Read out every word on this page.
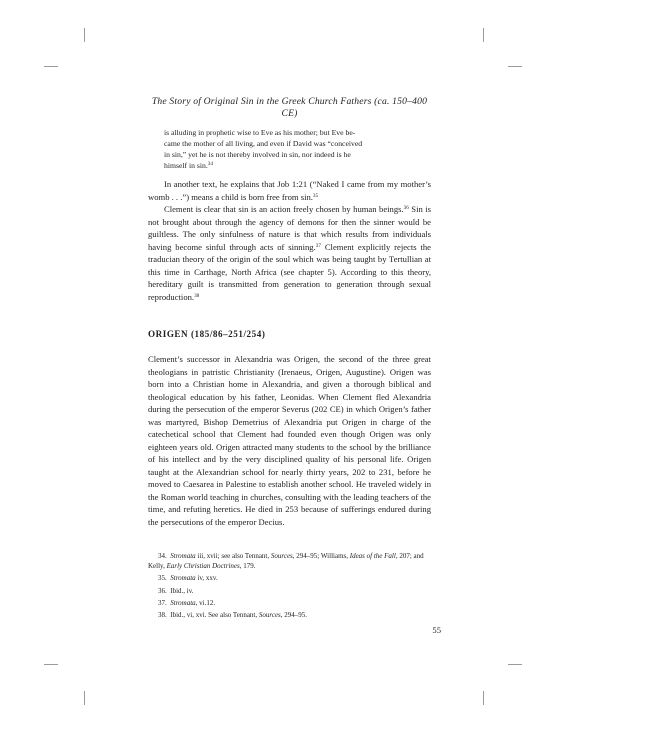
The Story of Original Sin in the Greek Church Fathers (ca. 150–400 CE)
is alluding in prophetic wise to Eve as his mother; but Eve be-
came the mother of all living, and even if David was “conceived
in sin,” yet he is not thereby involved in sin, nor indeed is he
himself in sin.$^{34}$

In another text, he explains that Job 1:21 (“Naked I came from my mother’s womb . . .”) means a child is born free from sin.$^{35}$

Clement is clear that sin is an action freely chosen by human beings.$^{36}$ Sin is not brought about through the agency of demons for then the sinner would be guiltless. The only sinfulness of nature is that which results from individuals having become sinful through acts of sinning.$^{37}$ Clement explicitly rejects the traducian theory of the origin of the soul which was being taught by Tertullian at this time in Carthage, North Africa (see chapter 5). According to this theory, hereditary guilt is transmitted from generation to generation through sexual reproduction.$^{38}$

ORIGEN (185/86–251/254)

Clement’s successor in Alexandria was Origen, the second of the three great theologians in patristic Christianity (Irenaeus, Origen, Augustine). Origen was born into a Christian home in Alexandria, and given a thorough biblical and theological education by his father, Leonidas. When Clement fled Alexandria during the persecution of the emperor Severus (202 CE) in which Origen’s father was martyred, Bishop Demetrius of Alexandria put Origen in charge of the catechetical school that Clement had founded even though Origen was only eighteen years old. Origen attracted many students to the school by the brilliance of his intellect and by the very disciplined quality of his personal life. Origen taught at the Alexandrian school for nearly thirty years, 202 to 231, before he moved to Caesarea in Palestine to establish another school. He traveled widely in the Roman world teaching in churches, consulting with the leading teachers of the time, and refuting heretics. He died in 253 because of sufferings endured during the persecutions of the emperor Decius.

34. Stromata iii, xvii; see also Tennant, Sources, 294–95; Williams, Ideas of the Fall, 207; and Kelly, Early Christian Doctrines, 179.

35. Stromata iv, xxv.

36. Ibid., iv.

37. Stromata, vi.12.

38. Ibid., vi, xvi. See also Tennant, Sources, 294–95.

55
